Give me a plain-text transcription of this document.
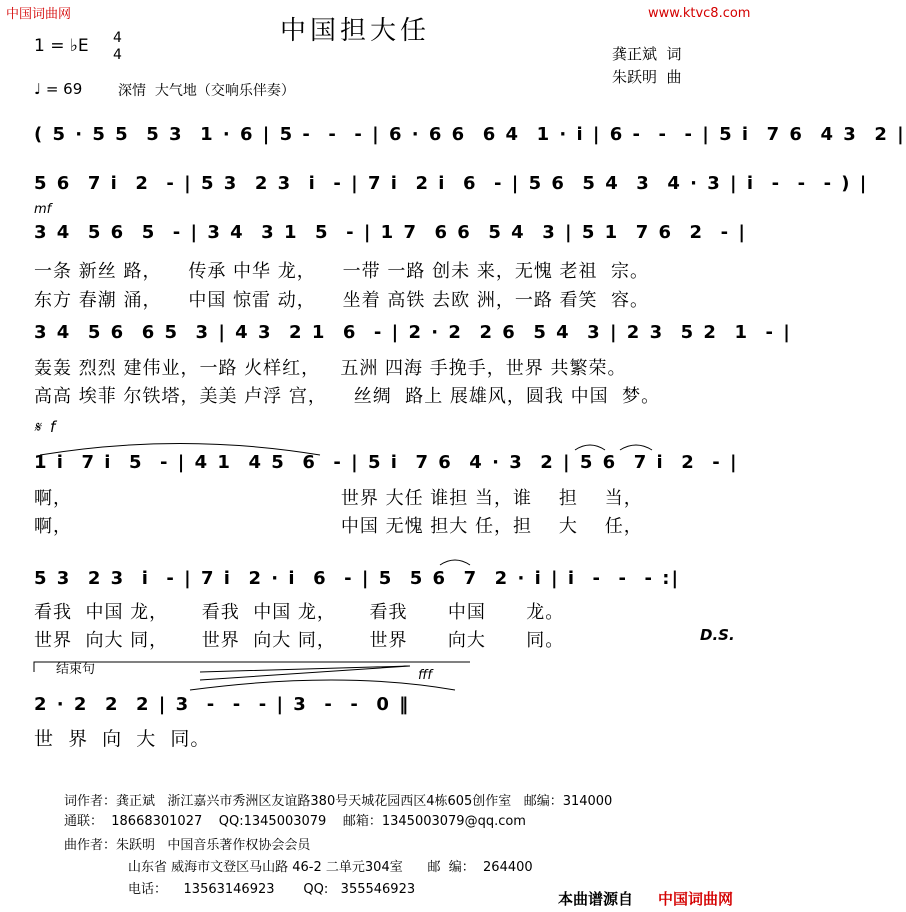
中国词曲网	www.ktvc8.com
中国担大任
1 = ♭E 4
4	龚正斌  词
朱跃明  曲
♩ = 69	深情  大气地（交响乐伴奏）
( 5 · 5 5  5 3  1 · 6 | 5 -  -  - | 6 · 6 6  6 4  1 · i | 6 -  -  - | 5 i  7 6  4 3  2 |
5 6  7 i  2  - | 5 3  2 3  i  - | 7 i  2 i  6  - | 5 6  5 4  3  4 · 3 | i  -  -  - ) |
mf
3 4  5 6  5  - | 3 4  3 1  5  - | 1 7  6 6  5 4  3 | 5 1  7 6  2  - |
一条 新丝 路，    传承 中华 龙，    一带 一路 创未 来，无愧 老祖  宗。
东方 春潮 涌，    中国 惊雷 动，    坐着 高铁 去欧 洲，一路 看笑  容。
3 4  5 6  6 5  3 | 4 3  2 1  6  - | 2 · 2  2 6  5 4  3 | 2 3  5 2  1  - |
轰轰 烈烈 建伟业，一路 火样红，   五洲 四海 手挽手，世界 共繁荣。
高高 埃菲 尔铁塔，美美 卢浮 宫，    丝绸  路上 展雄风，圆我 中国  梦。
𝄋  f
1 i  7 i  5  - | 4 1  4 5  6  - | 5 i  7 6  4 · 3  2 | 5 6  7 i  2  - |
啊，                                        世界 大任 谁担 当，谁    担    当，
啊，                                        中国 无愧 担大 任，担    大    任，
5 3  2 3  i  - | 7 i  2 · i  6  - | 5  5 6  7  2 · i | i  -  -  - :|
看我  中国 龙，     看我  中国 龙，     看我      中国      龙。
世界  向大 同，     世界  向大 同，     世界      向大      同。	D.S.
结束句	fff
2 · 2  2  2 | 3  -  -  - | 3  -  -  0 ‖
世  界  向  大  同。
词作者：龚正斌   浙江嘉兴市秀洲区友谊路380号天城花园西区4栋605创作室   邮编：314000
通联：  18668301027    QQ:1345003079    邮箱：1345003079@qq.com
曲作者：朱跃明   中国音乐著作权协会会员
山东省 威海市文登区马山路 46-2 二单元304室      邮  编：  264400
电话：    13563146923       QQ:   355546923
本曲谱源自 中国词曲网
